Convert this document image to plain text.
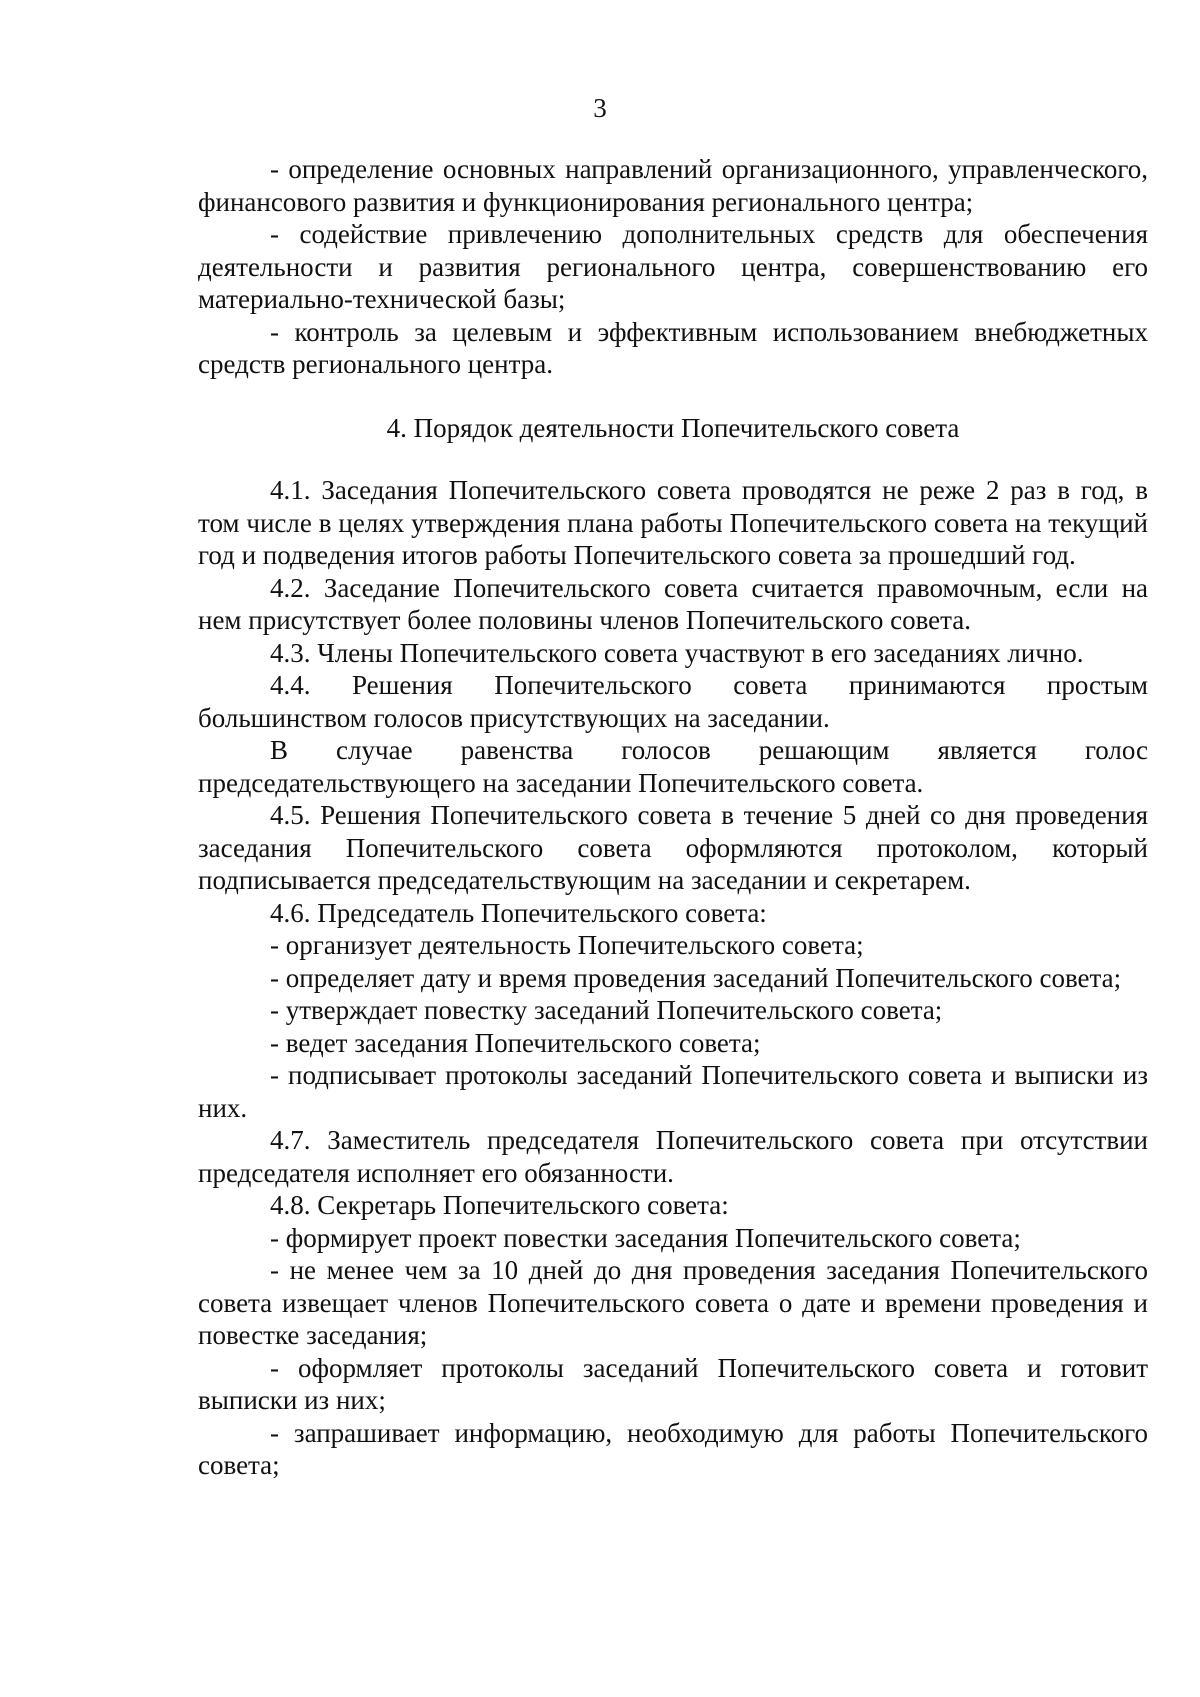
3

- определение основных направлений организационного, управленческого, финансового развития и функционирования регионального центра;

- содействие привлечению дополнительных средств для обеспечения деятельности и развития регионального центра, совершенствованию его материально-технической базы;

- контроль за целевым и эффективным использованием внебюджетных средств регионального центра.

4. Порядок деятельности Попечительского совета

4.1. Заседания Попечительского совета проводятся не реже 2 раз в год, в том числе в целях утверждения плана работы Попечительского совета на текущий год и подведения итогов работы Попечительского совета за прошедший год.

4.2. Заседание Попечительского совета считается правомочным, если на нем присутствует более половины членов Попечительского совета.

4.3. Члены Попечительского совета участвуют в его заседаниях лично.

4.4. Решения Попечительского совета принимаются простым большинством голосов присутствующих на заседании.

В случае равенства голосов решающим является голос председательствующего на заседании Попечительского совета.

4.5. Решения Попечительского совета в течение 5 дней со дня проведения заседания Попечительского совета оформляются протоколом, который подписывается председательствующим на заседании и секретарем.

4.6. Председатель Попечительского совета:

- организует деятельность Попечительского совета;

- определяет дату и время проведения заседаний Попечительского совета;

- утверждает повестку заседаний Попечительского совета;

- ведет заседания Попечительского совета;

- подписывает протоколы заседаний Попечительского совета и выписки из них.

4.7. Заместитель председателя Попечительского совета при отсутствии председателя исполняет его обязанности.

4.8. Секретарь Попечительского совета:

- формирует проект повестки заседания Попечительского совета;

- не менее чем за 10 дней до дня проведения заседания Попечительского совета извещает членов Попечительского совета о дате и времени проведения и повестке заседания;

- оформляет протоколы заседаний Попечительского совета и готовит выписки из них;

- запрашивает информацию, необходимую для работы Попечительского совета;
